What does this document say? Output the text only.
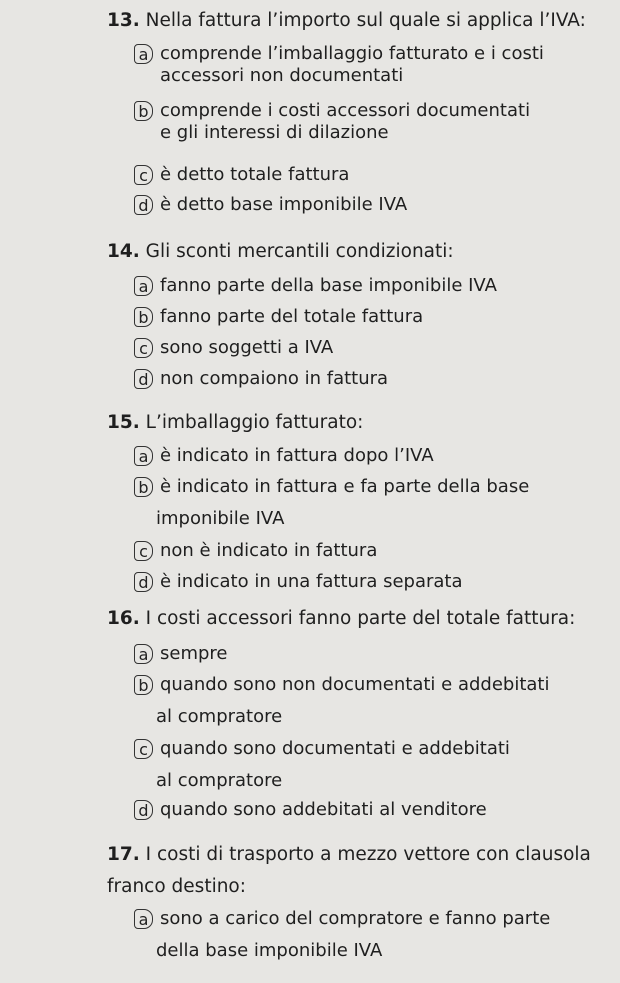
13. Nella fattura l’importo sul quale si applica l’IVA:
a comprende l’imballaggio fatturato e i costi
accessori non documentati
b comprende i costi accessori documentati
e gli interessi di dilazione
c è detto totale fattura
d è detto base imponibile IVA
14. Gli sconti mercantili condizionati:
a fanno parte della base imponibile IVA
b fanno parte del totale fattura
c sono soggetti a IVA
d non compaiono in fattura
15. L’imballaggio fatturato:
a è indicato in fattura dopo l’IVA
b è indicato in fattura e fa parte della base
imponibile IVA
c non è indicato in fattura
d è indicato in una fattura separata
16. I costi accessori fanno parte del totale fattura:
a sempre
b quando sono non documentati e addebitati
al compratore
c quando sono documentati e addebitati
al compratore
d quando sono addebitati al venditore
17. I costi di trasporto a mezzo vettore con clausola
franco destino:
a sono a carico del compratore e fanno parte
della base imponibile IVA
